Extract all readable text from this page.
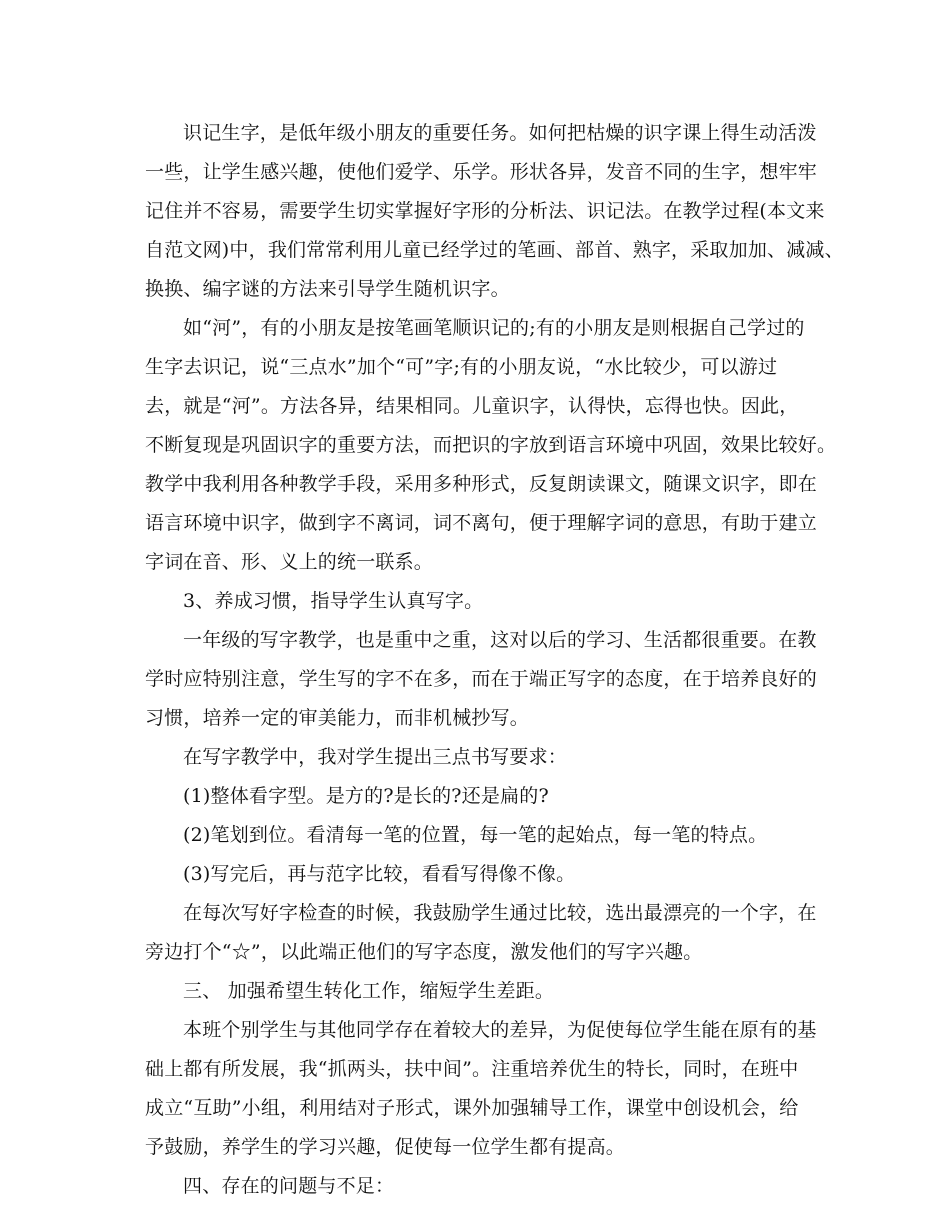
识记生字，是低年级小朋友的重要任务。如何把枯燥的识字课上得生动活泼
一些，让学生感兴趣，使他们爱学、乐学。形状各异，发音不同的生字，想牢牢
记住并不容易，需要学生切实掌握好字形的分析法、识记法。在教学过程(本文来
自范文网)中，我们常常利用儿童已经学过的笔画、部首、熟字，采取加加、减减、
换换、编字谜的方法来引导学生随机识字。
如“河”，有的小朋友是按笔画笔顺识记的;有的小朋友是则根据自己学过的
生字去识记，说“三点水”加个“可”字;有的小朋友说，“水比较少，可以游过
去，就是“河”。方法各异，结果相同。儿童识字，认得快，忘得也快。因此，
不断复现是巩固识字的重要方法，而把识的字放到语言环境中巩固，效果比较好。
教学中我利用各种教学手段，采用多种形式，反复朗读课文，随课文识字，即在
语言环境中识字，做到字不离词，词不离句，便于理解字词的意思，有助于建立
字词在音、形、义上的统一联系。
3、养成习惯，指导学生认真写字。
一年级的写字教学，也是重中之重，这对以后的学习、生活都很重要。在教
学时应特别注意，学生写的字不在多，而在于端正写字的态度，在于培养良好的
习惯，培养一定的审美能力，而非机械抄写。
在写字教学中，我对学生提出三点书写要求：
(1)整体看字型。是方的?是长的?还是扁的?
(2)笔划到位。看清每一笔的位置，每一笔的起始点，每一笔的特点。
(3)写完后，再与范字比较，看看写得像不像。
在每次写好字检查的时候，我鼓励学生通过比较，选出最漂亮的一个字，在
旁边打个“☆”，以此端正他们的写字态度，激发他们的写字兴趣。
三、 加强希望生转化工作，缩短学生差距。
本班个别学生与其他同学存在着较大的差异，为促使每位学生能在原有的基
础上都有所发展，我“抓两头，扶中间”。注重培养优生的特长，同时，在班中
成立“互助”小组，利用结对子形式，课外加强辅导工作，课堂中创设机会，给
予鼓励，养学生的学习兴趣，促使每一位学生都有提高。
四、存在的问题与不足：
